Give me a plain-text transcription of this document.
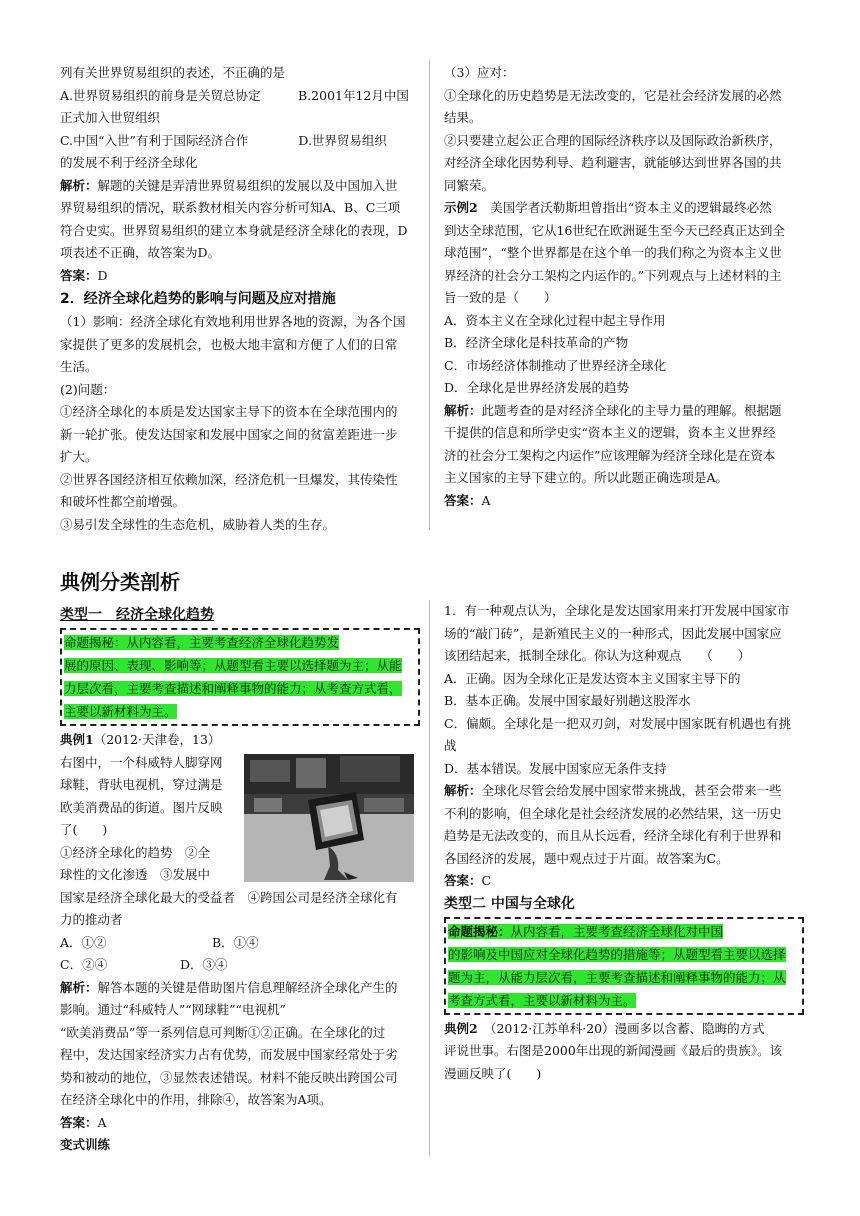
列有关世界贸易组织的表述，不正确的是

A.世界贸易组织的前身是关贸总协定　　　B.2001年12月中国

正式加入世贸组织

C.中国“入世”有利于国际经济合作　　　　D.世界贸易组织

的发展不利于经济全球化

解析：解题的关键是弄清世界贸易组织的发展以及中国加入世

界贸易组织的情况，联系教材相关内容分析可知A、B、C三项

符合史实。世界贸易组织的建立本身就是经济全球化的表现，D

项表述不正确，故答案为D。

答案：D

2．经济全球化趋势的影响与问题及应对措施

（1）影响：经济全球化有效地利用世界各地的资源，为各个国

家提供了更多的发展机会，也极大地丰富和方便了人们的日常

生活。

(2)问题：

①经济全球化的本质是发达国家主导下的资本在全球范围内的

新一轮扩张。使发达国家和发展中国家之间的贫富差距进一步

扩大。

②世界各国经济相互依赖加深，经济危机一旦爆发，其传染性

和破坏性都空前增强。

③易引发全球性的生态危机，威胁着人类的生存。

（3）应对：

①全球化的历史趋势是无法改变的，它是社会经济发展的必然

结果。

②只要建立起公正合理的国际经济秩序以及国际政治新秩序，

对经济全球化因势利导、趋利避害，就能够达到世界各国的共

同繁荣。

示例2　美国学者沃勒斯坦曾指出“资本主义的逻辑最终必然

到达全球范围，它从16世纪在欧洲诞生至今天已经真正达到全

球范围”，“整个世界都是在这个单一的我们称之为资本主义世

界经济的社会分工架构之内运作的。”下列观点与上述材料的主

旨一致的是（　　）

A．资本主义在全球化过程中起主导作用

B．经济全球化是科技革命的产物

C．市场经济体制推动了世界经济全球化

D．全球化是世界经济发展的趋势

解析：此题考查的是对经济全球化的主导力量的理解。根据题

干提供的信息和所学史实“资本主义的逻辑，资本主义世界经

济的社会分工架构之内运作”应该理解为经济全球化是在资本

主义国家的主导下建立的。所以此题正确选项是A。

答案：A

典例分类剖析

类型一　经济全球化趋势

命题揭秘：从内容看，主要考查经济全球化趋势发

展的原因、表现、影响等；从题型看主要以选择题为主；从能

力层次看，主要考查描述和阐释事物的能力；从考查方式看，

主要以新材料为主。

典例1（2012·天津卷，13）

右图中，一个科威特人脚穿网

球鞋，背驮电视机，穿过满是

欧美消费品的街道。图片反映

了(　　)

①经济全球化的趋势　②全

球性的文化渗透　③发展中

国家是经济全球化最大的受益者　④跨国公司是经济全球化有

力的推动者

A．①②	B．①④

C．②④	D．③④

解析：解答本题的关键是借助图片信息理解经济全球化产生的

影响。通过“科威特人”“网球鞋”“电视机”

“欧美消费品”等一系列信息可判断①②正确。在全球化的过

程中，发达国家经济实力占有优势，而发展中国家经常处于劣

势和被动的地位，③显然表述错误。材料不能反映出跨国公司

在经济全球化中的作用，排除④，故答案为A项。

答案：A

变式训练

1．有一种观点认为，全球化是发达国家用来打开发展中国家市

场的“敲门砖”，是新殖民主义的一种形式，因此发展中国家应

该团结起来，抵制全球化。你认为这种观点　　（　　）

A．正确。因为全球化正是发达资本主义国家主导下的

B．基本正确。发展中国家最好别趟这股浑水

C．偏颇。全球化是一把双刃剑，对发展中国家既有机遇也有挑

战

D．基本错误。发展中国家应无条件支持

解析：全球化尽管会给发展中国家带来挑战，甚至会带来一些

不利的影响，但全球化是社会经济发展的必然结果，这一历史

趋势是无法改变的，而且从长远看，经济全球化有利于世界和

各国经济的发展，题中观点过于片面。故答案为C。

答案：C

类型二 中国与全球化

命题揭秘：从内容看，主要考查经济全球化对中国

的影响及中国应对全球化趋势的措施等；从题型看主要以选择

题为主，从能力层次看，主要考查描述和阐释事物的能力；从

考查方式看，主要以新材料为主。

典例2　（2012·江苏单科·20）漫画多以含蓄、隐晦的方式

评说世事。右图是2000年出现的新闻漫画《最后的贵族》。该

漫画反映了(　　)
